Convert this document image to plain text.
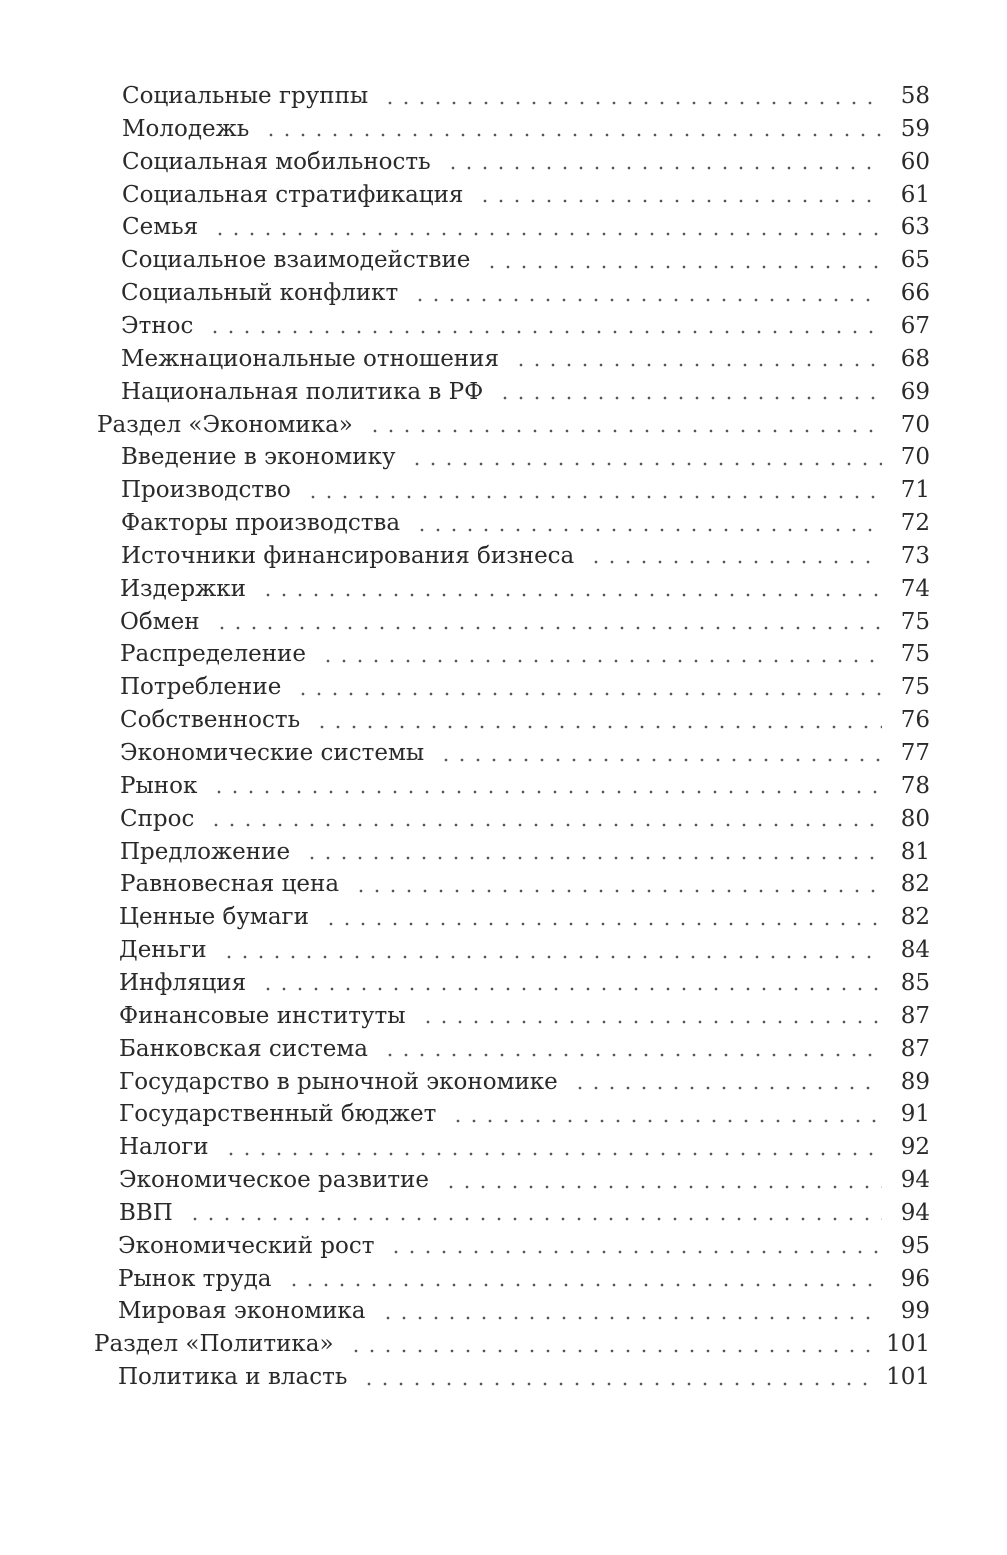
Социальные группы	58
Молодежь	59
Социальная мобильность	60
Социальная стратификация	61
Семья	63
Социальное взаимодействие	65
Социальный конфликт	66
Этнос	67
Межнациональные отношения	68
Национальная политика в РФ	69
Раздел «Экономика»	70
Введение в экономику	70
Производство	71
Факторы производства	72
Источники финансирования бизнеса	73
Издержки	74
Обмен	75
Распределение	75
Потребление	75
Собственность	76
Экономические системы	77
Рынок	78
Спрос	80
Предложение	81
Равновесная цена	82
Ценные бумаги	82
Деньги	84
Инфляция	85
Финансовые институты	87
Банковская система	87
Государство в рыночной экономике	89
Государственный бюджет	91
Налоги	92
Экономическое развитие	94
ВВП	94
Экономический рост	95
Рынок труда	96
Мировая экономика	99
Раздел «Политика»	101
Политика и власть	101
